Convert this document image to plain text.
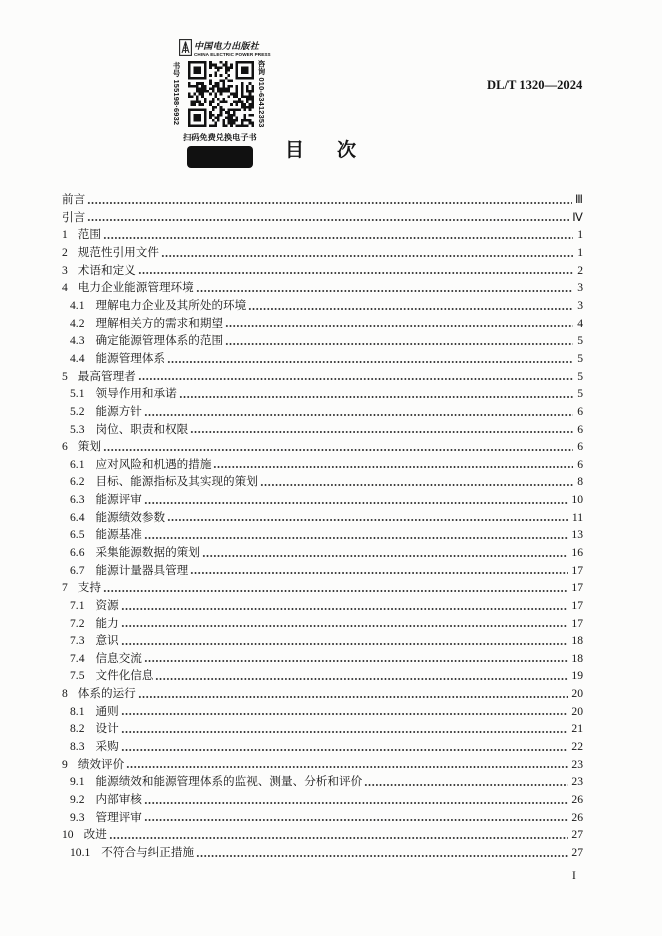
中国电力出版社
CHINA ELECTRIC POWER PRESS
书号 155198·6932	咨询 010-63412353
扫码免费兑换电子书
DL/T 1320—2024
目次
前言	Ⅲ
引言	Ⅳ
1 范围	1
2 规范性引用文件	1
3 术语和定义	2
4 电力企业能源管理环境	3
4.1 理解电力企业及其所处的环境	3
4.2 理解相关方的需求和期望	4
4.3 确定能源管理体系的范围	5
4.4 能源管理体系	5
5 最高管理者	5
5.1 领导作用和承诺	5
5.2 能源方针	6
5.3 岗位、职责和权限	6
6 策划	6
6.1 应对风险和机遇的措施	6
6.2 目标、能源指标及其实现的策划	8
6.3 能源评审	10
6.4 能源绩效参数	11
6.5 能源基准	13
6.6 采集能源数据的策划	16
6.7 能源计量器具管理	17
7 支持	17
7.1 资源	17
7.2 能力	17
7.3 意识	18
7.4 信息交流	18
7.5 文件化信息	19
8 体系的运行	20
8.1 通则	20
8.2 设计	21
8.3 采购	22
9 绩效评价	23
9.1 能源绩效和能源管理体系的监视、测量、分析和评价	23
9.2 内部审核	26
9.3 管理评审	26
10 改进	27
10.1 不符合与纠正措施	27
I
